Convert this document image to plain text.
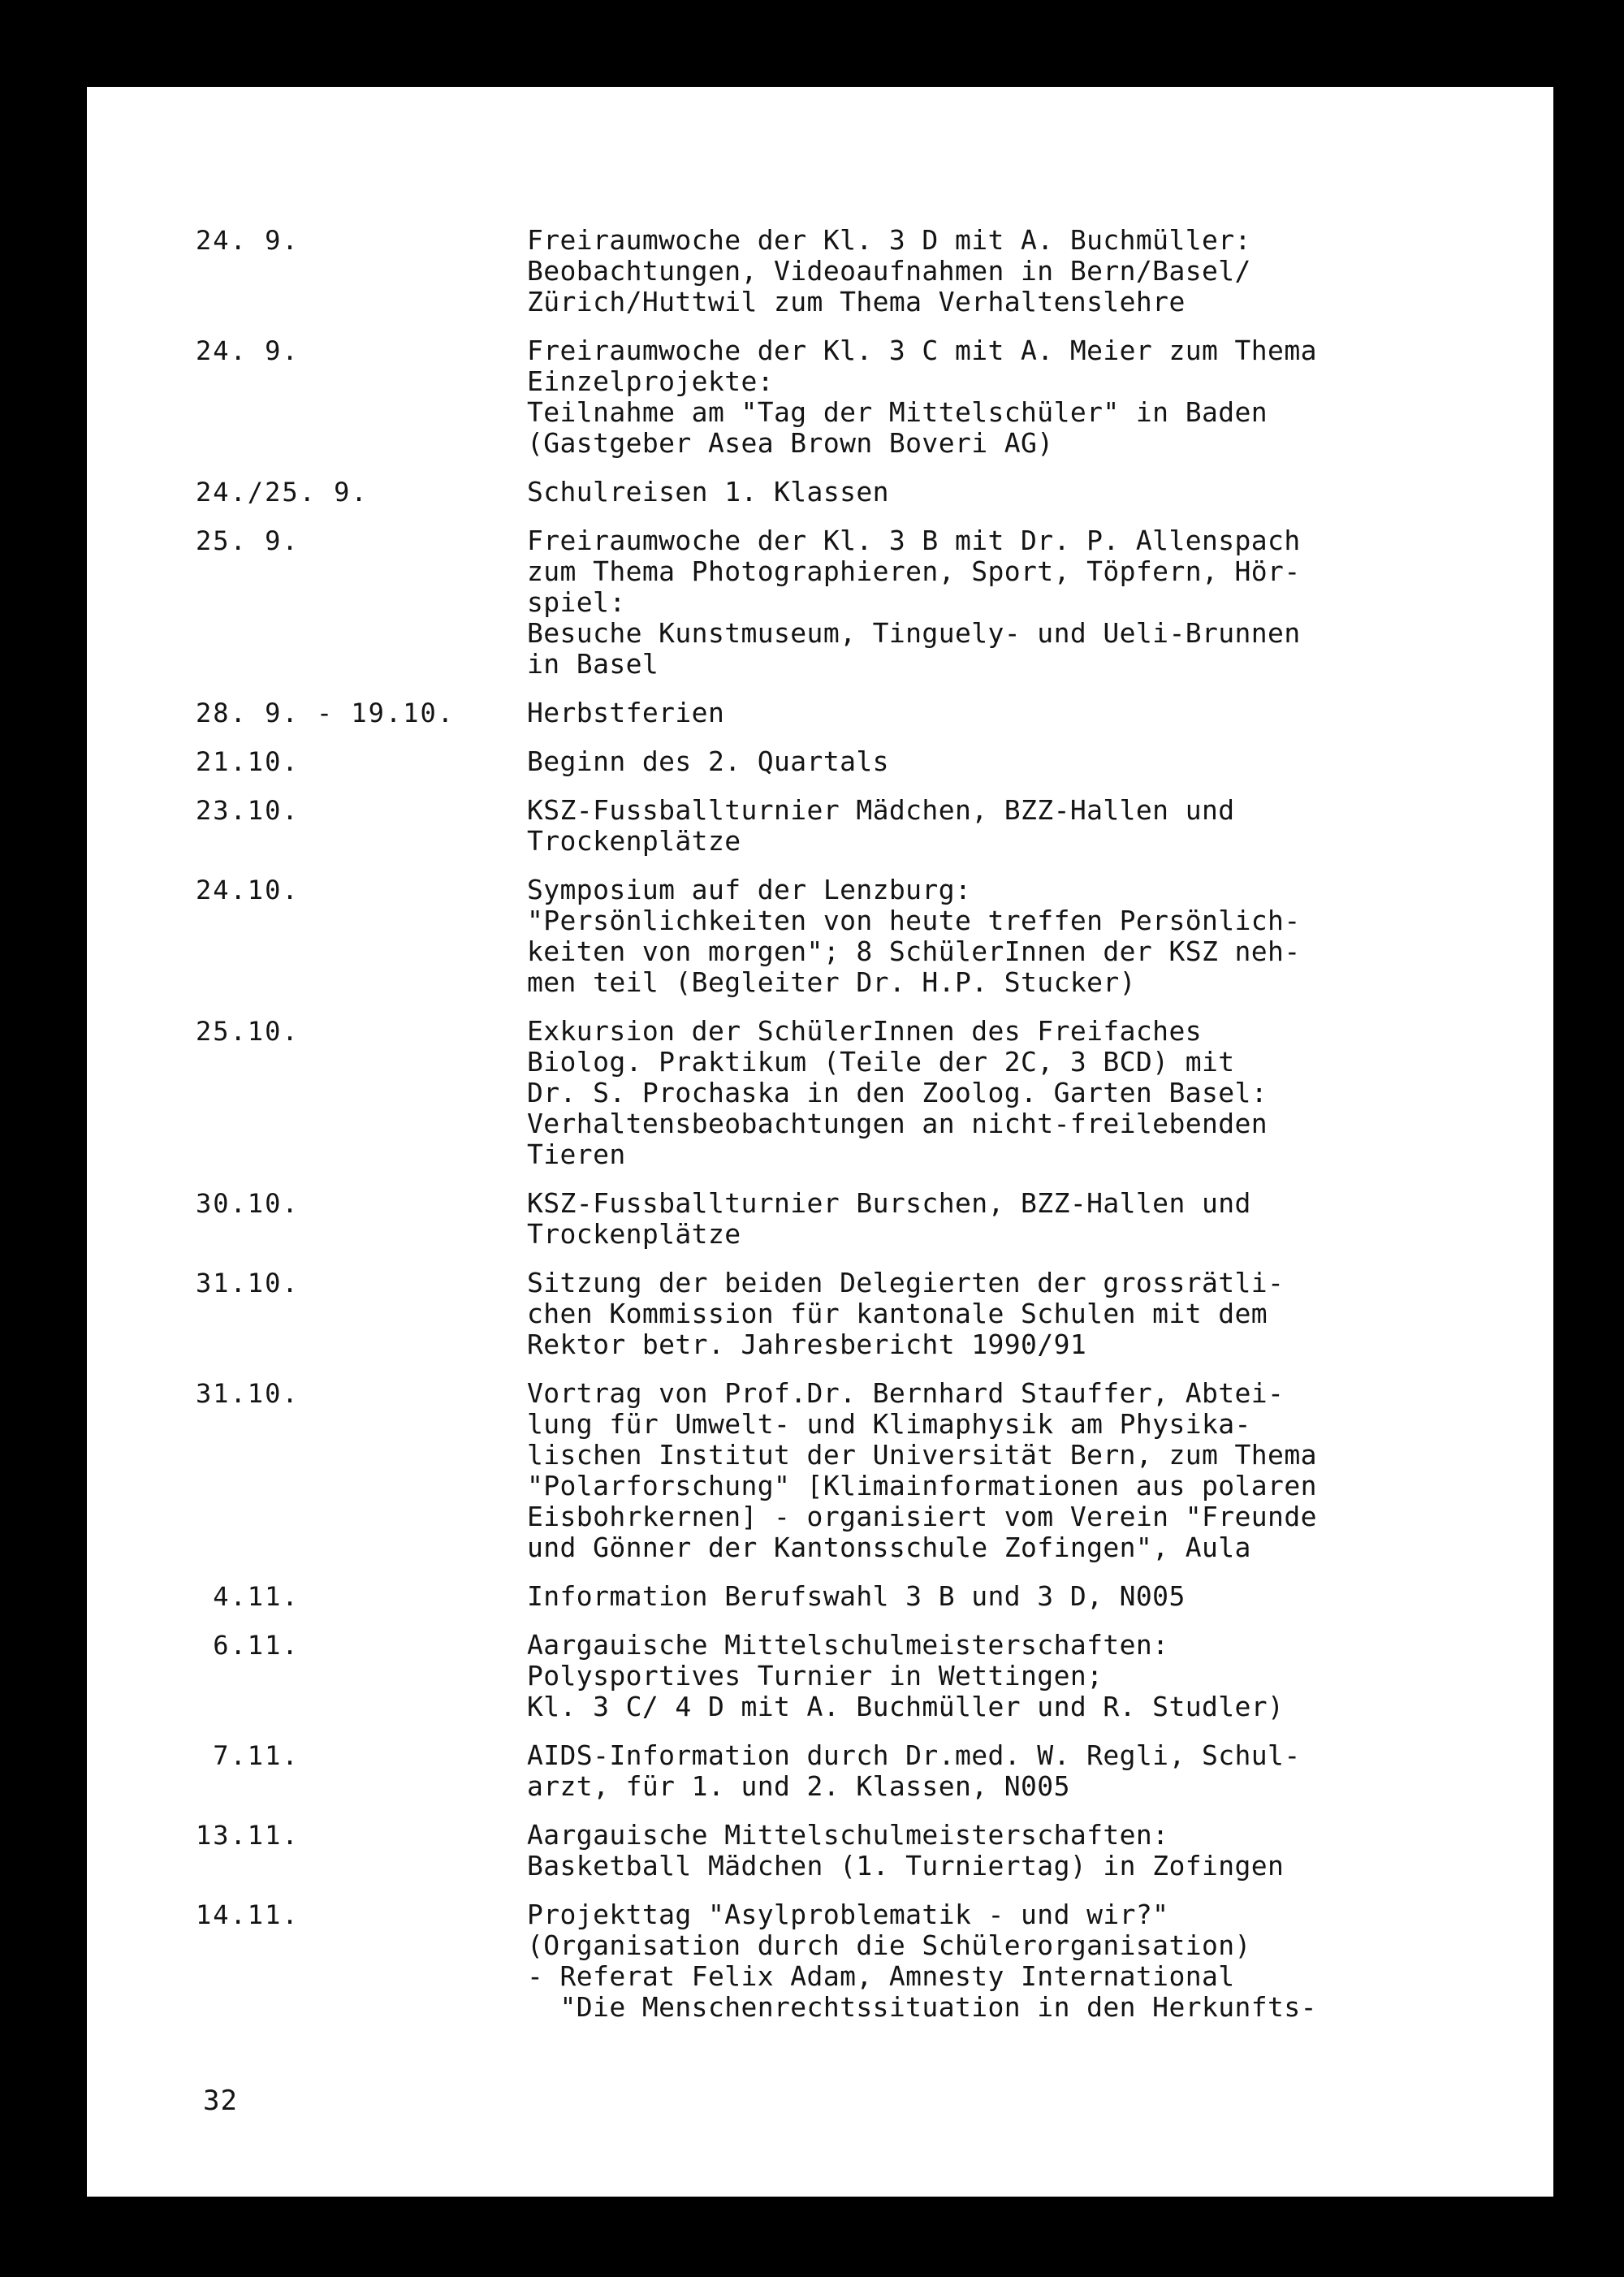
24. 9.	Freiraumwoche der Kl. 3 D mit A. Buchmüller:
Beobachtungen, Videoaufnahmen in Bern/Basel/
Zürich/Huttwil zum Thema Verhaltenslehre
24. 9.	Freiraumwoche der Kl. 3 C mit A. Meier zum Thema
Einzelprojekte:
Teilnahme am "Tag der Mittelschüler" in Baden
(Gastgeber Asea Brown Boveri AG)
24./25. 9.	Schulreisen 1. Klassen
25. 9.	Freiraumwoche der Kl. 3 B mit Dr. P. Allenspach
zum Thema Photographieren, Sport, Töpfern, Hör-
spiel:
Besuche Kunstmuseum, Tinguely- und Ueli-Brunnen
in Basel
28. 9. - 19.10.	Herbstferien
21.10.	Beginn des 2. Quartals
23.10.	KSZ-Fussballturnier Mädchen, BZZ-Hallen und
Trockenplätze
24.10.	Symposium auf der Lenzburg:
"Persönlichkeiten von heute treffen Persönlich-
keiten von morgen"; 8 SchülerInnen der KSZ neh-
men teil (Begleiter Dr. H.P. Stucker)
25.10.	Exkursion der SchülerInnen des Freifaches
Biolog. Praktikum (Teile der 2C, 3 BCD) mit
Dr. S. Prochaska in den Zoolog. Garten Basel:
Verhaltensbeobachtungen an nicht-freilebenden
Tieren
30.10.	KSZ-Fussballturnier Burschen, BZZ-Hallen und
Trockenplätze
31.10.	Sitzung der beiden Delegierten der grossrätli-
chen Kommission für kantonale Schulen mit dem
Rektor betr. Jahresbericht 1990/91
31.10.	Vortrag von Prof.Dr. Bernhard Stauffer, Abtei-
lung für Umwelt- und Klimaphysik am Physika-
lischen Institut der Universität Bern, zum Thema
"Polarforschung" [Klimainformationen aus polaren
Eisbohrkernen] - organisiert vom Verein "Freunde
und Gönner der Kantonsschule Zofingen", Aula
4.11.	Information Berufswahl 3 B und 3 D, N005
6.11.	Aargauische Mittelschulmeisterschaften:
Polysportives Turnier in Wettingen;
Kl. 3 C/ 4 D mit A. Buchmüller und R. Studler)
7.11.	AIDS-Information durch Dr.med. W. Regli, Schul-
arzt, für 1. und 2. Klassen, N005
13.11.	Aargauische Mittelschulmeisterschaften:
Basketball Mädchen (1. Turniertag) in Zofingen
14.11.	Projekttag "Asylproblematik - und wir?"
(Organisation durch die Schülerorganisation)
- Referat Felix Adam, Amnesty International
"Die Menschenrechtssituation in den Herkunfts-
32
